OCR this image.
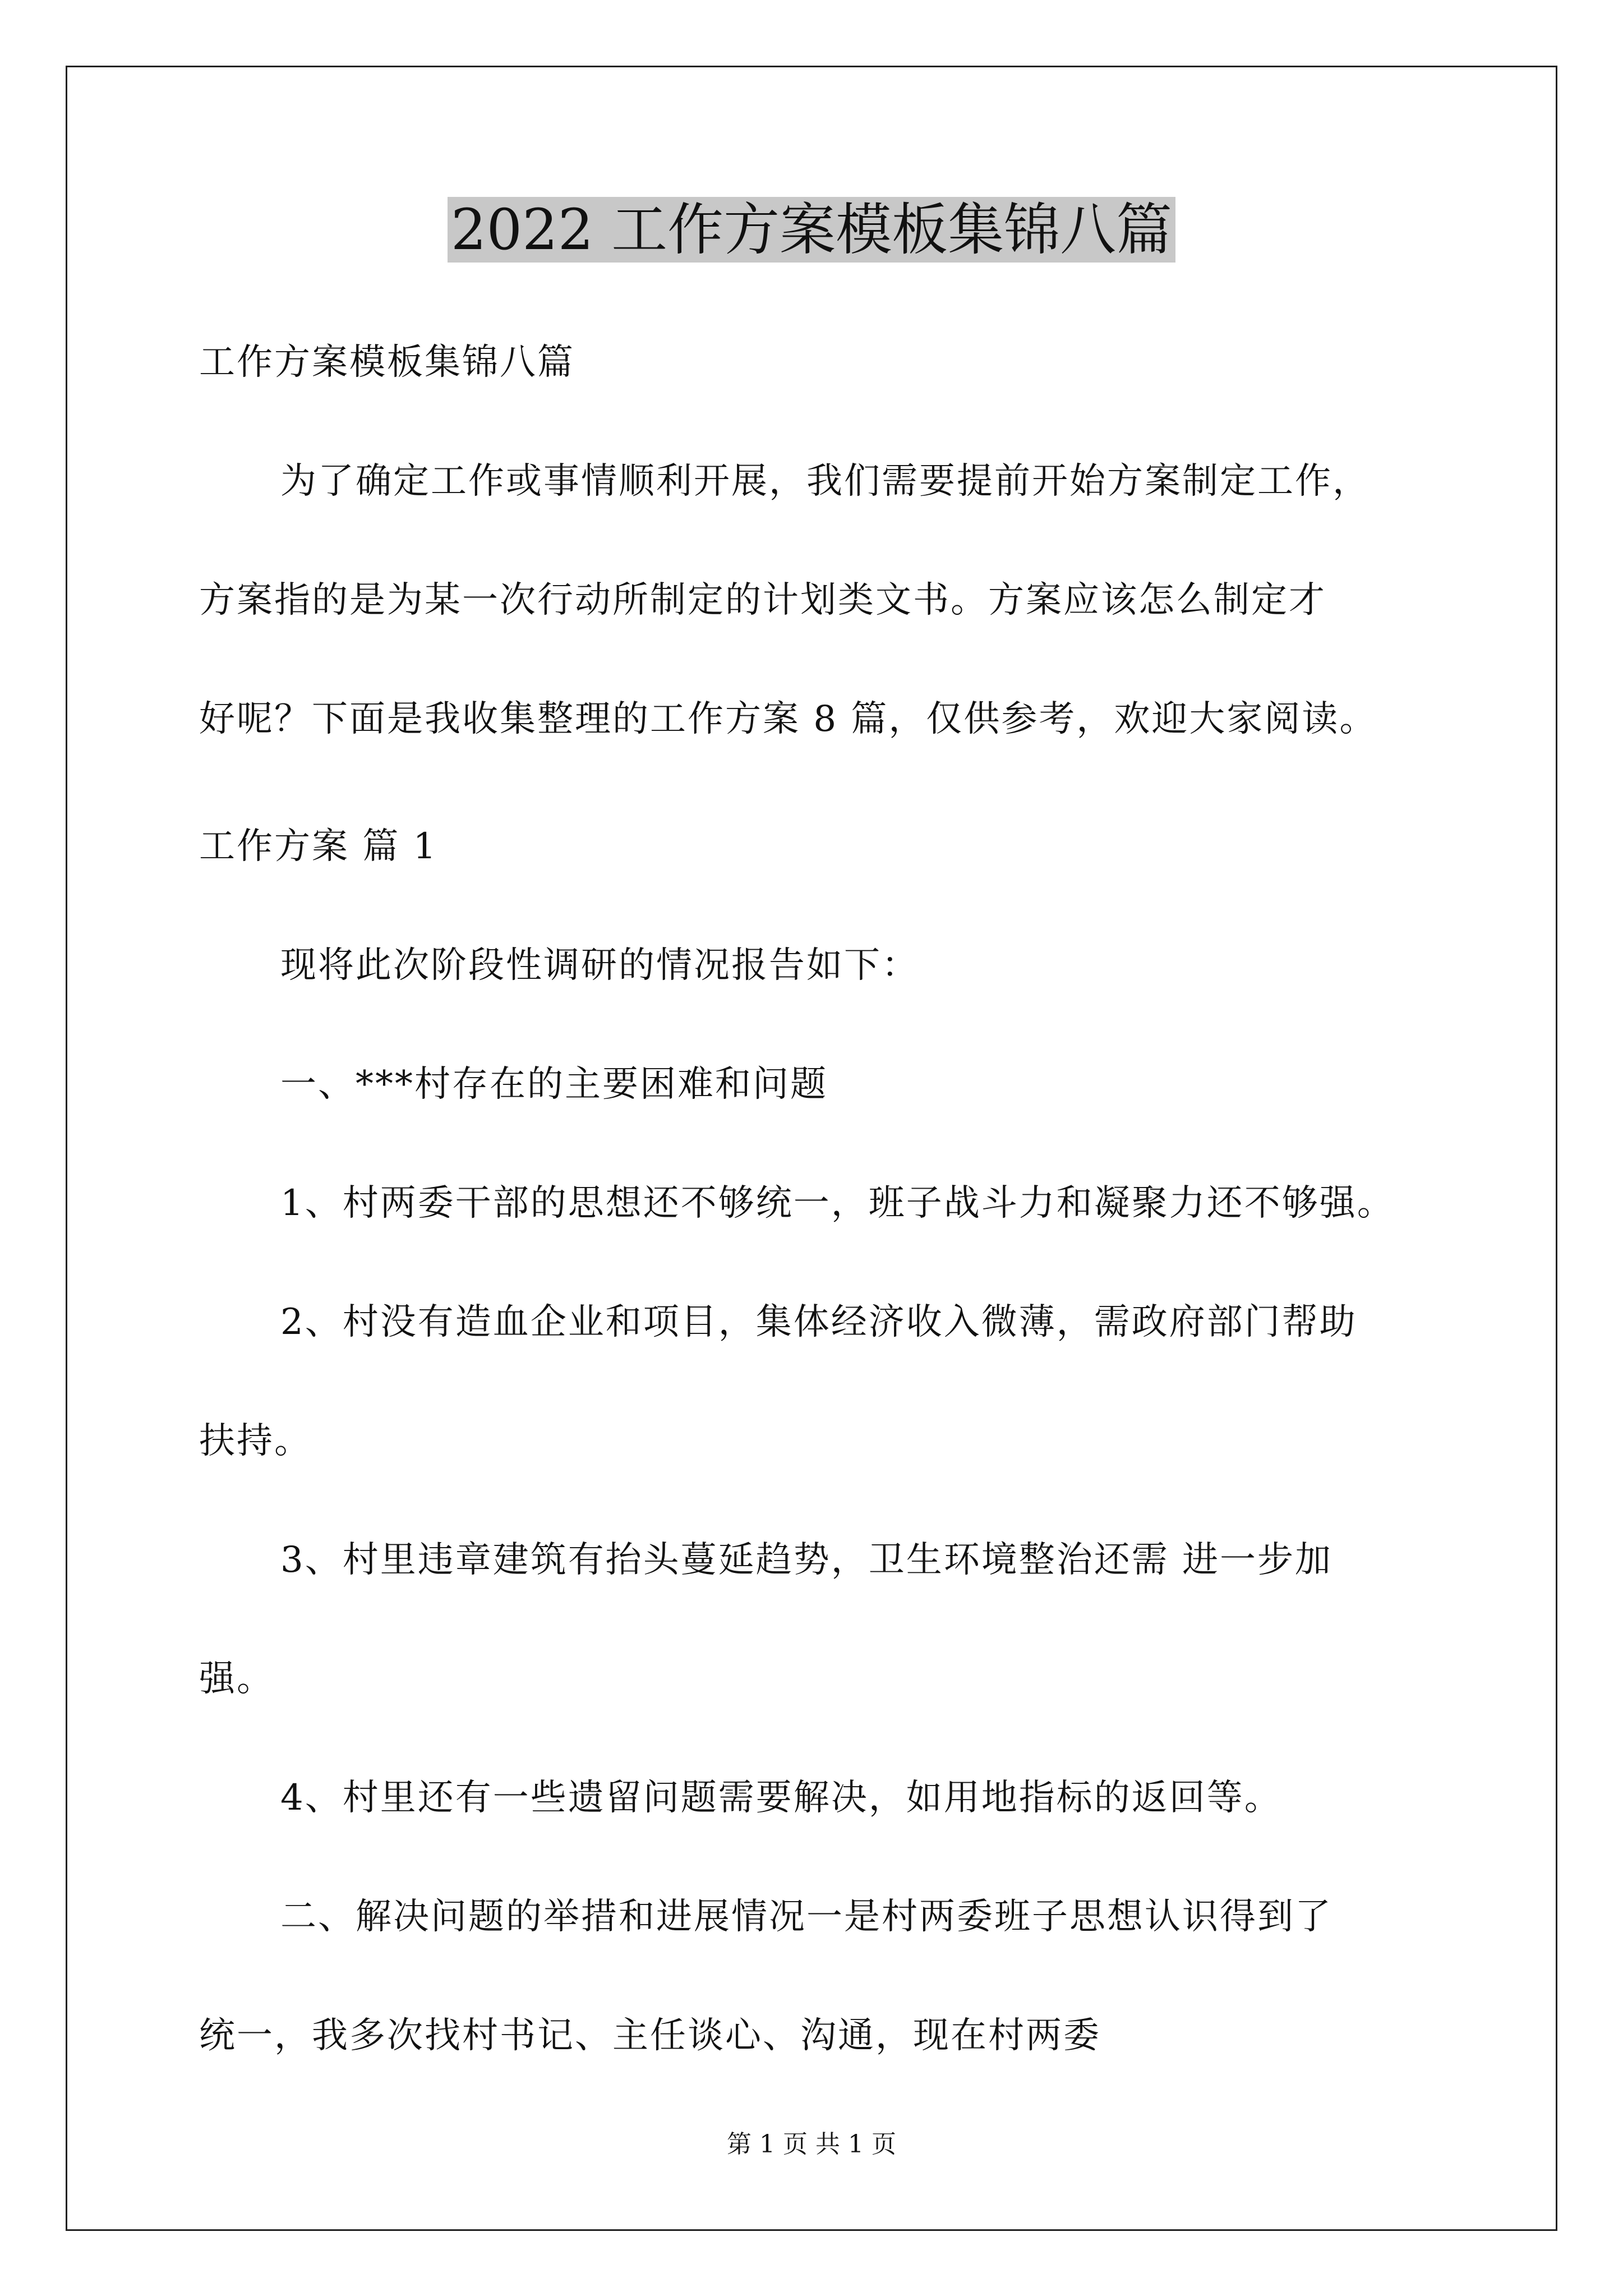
2022 工作方案模板集锦八篇
工作方案模板集锦八篇
为了确定工作或事情顺利开展，我们需要提前开始方案制定工作，
方案指的是为某一次行动所制定的计划类文书。方案应该怎么制定才
好呢？下面是我收集整理的工作方案 8 篇，仅供参考，欢迎大家阅读。
工作方案 篇 1
现将此次阶段性调研的情况报告如下：
一、***村存在的主要困难和问题
1、村两委干部的思想还不够统一，班子战斗力和凝聚力还不够强。
2、村没有造血企业和项目，集体经济收入微薄，需政府部门帮助
扶持。
3、村里违章建筑有抬头蔓延趋势，卫生环境整治还需 进一步加
强。
4、村里还有一些遗留问题需要解决，如用地指标的返回等。
二、解决问题的举措和进展情况一是村两委班子思想认识得到了
统一，我多次找村书记、主任谈心、沟通，现在村两委
第 1 页 共 1 页
